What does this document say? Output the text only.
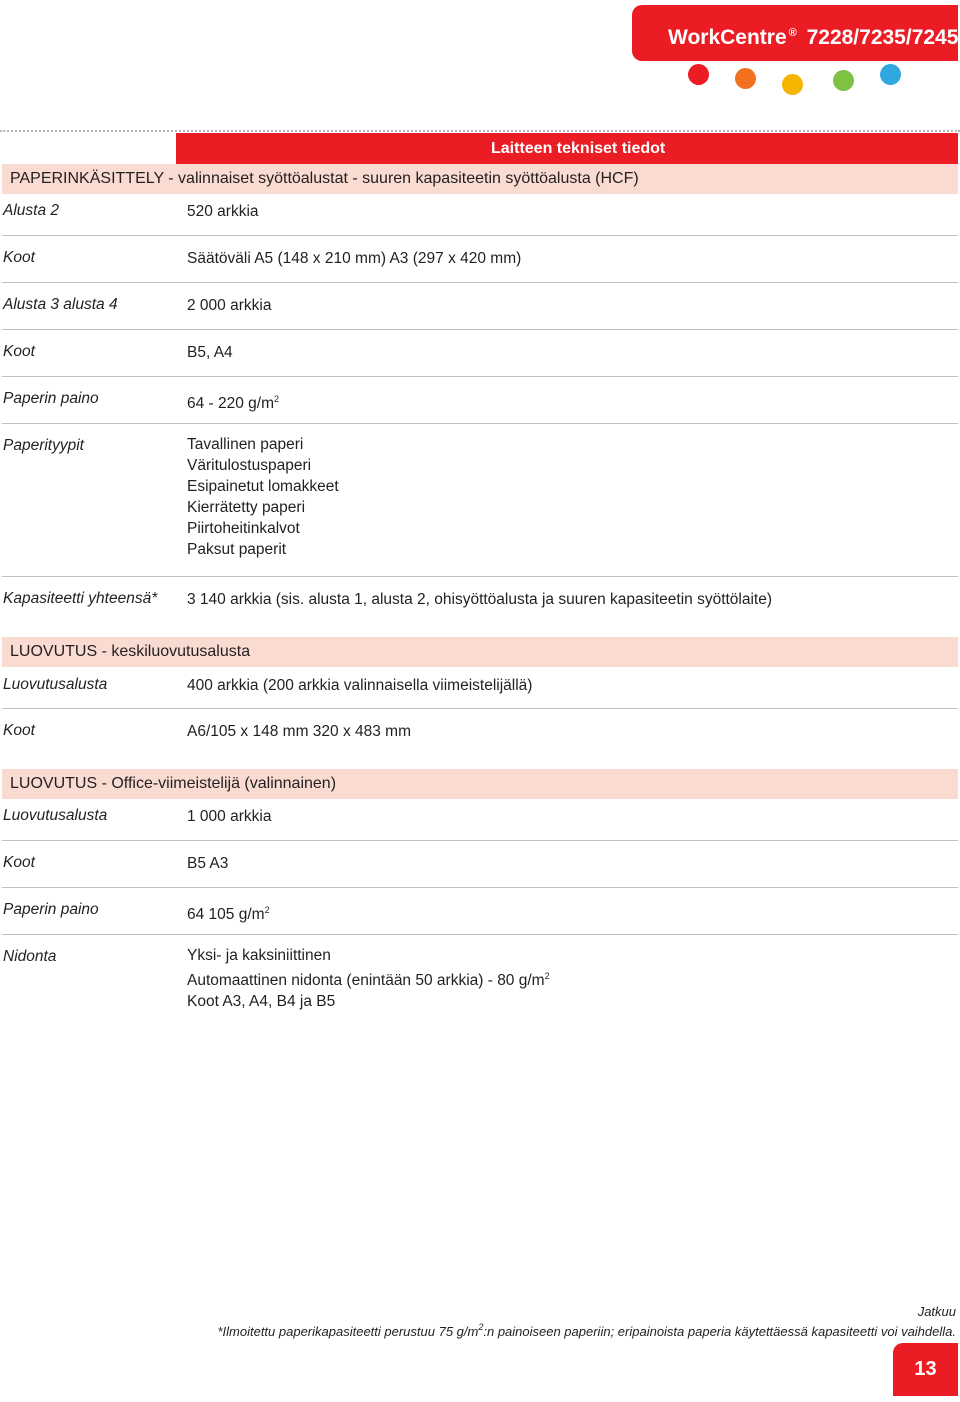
WorkCentre ® 7228/7235/7245
Laitteen tekniset tiedot
PAPERINKÄSITTELY - valinnaiset syöttöalustat - suuren kapasiteetin syöttöalusta (HCF)
Alusta 2	520 arkkia
Koot	Säätöväli A5 (148 x 210 mm) A3 (297 x 420 mm)
Alusta 3 alusta 4	2 000 arkkia
Koot	B5, A4
Paperin paino	64 - 220 $g/m^2$
Paperityypit	Tavallinen paperi
Väritulostuspaperi
Esipainetut lomakkeet
Kierrätetty paperi
Piirtoheitinkalvot
Paksut paperit
Kapasiteetti yhteensä* 3 140 arkkia (sis. alusta 1, alusta 2, ohisyöttöalusta ja suuren kapasiteetin syöttölaite)
LUOVUTUS - keskiluovutusalusta
Luovutusalusta	400 arkkia (200 arkkia valinnaisella viimeistelijällä)
Koot	A6/105 x 148 mm 320 x 483 mm
LUOVUTUS - Office-viimeistelijä (valinnainen)
Luovutusalusta	1 000 arkkia
Koot	B5 A3
Paperin paino	64 105 $g/m^2$
Nidonta	Yksi- ja kaksiniittinen
Automaattinen nidonta (enintään 50 arkkia) - 80 $g/m^2$
Koot A3, A4, B4 ja B5
Jatkuu
*Ilmoitettu paperikapasiteetti perustuu 75 $g/m^2:n$ painoiseen paperiin; eripainoista paperia käytettäessä kapasiteetti voi vaihdella.
13
